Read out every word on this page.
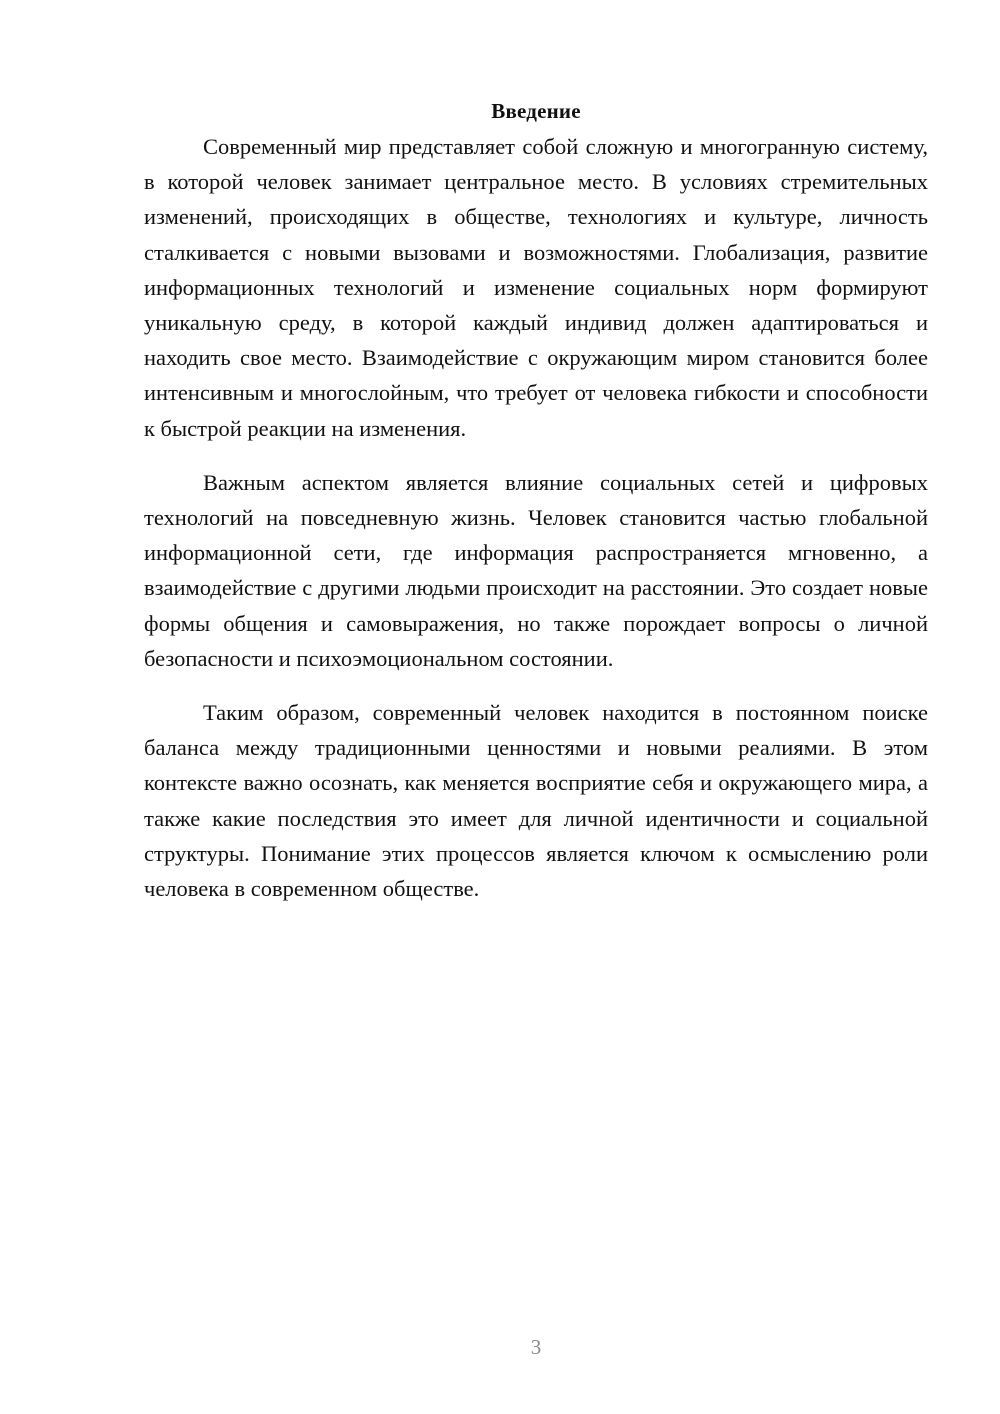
Введение

Современный мир представляет собой сложную и многогранную систему, в которой человек занимает центральное место. В условиях стремительных изменений, происходящих в обществе, технологиях и культуре, личность сталкивается с новыми вызовами и возможностями. Глобализация, развитие информационных технологий и изменение социальных норм формируют уникальную среду, в которой каждый индивид должен адаптироваться и находить свое место. Взаимодействие с окружающим миром становится более интенсивным и многослойным, что требует от человека гибкости и способности к быстрой реакции на изменения.

Важным аспектом является влияние социальных сетей и цифровых технологий на повседневную жизнь. Человек становится частью глобальной информационной сети, где информация распространяется мгновенно, а взаимодействие с другими людьми происходит на расстоянии. Это создает новые формы общения и самовыражения, но также порождает вопросы о личной безопасности и психоэмоциональном состоянии.

Таким образом, современный человек находится в постоянном поиске баланса между традиционными ценностями и новыми реалиями. В этом контексте важно осознать, как меняется восприятие себя и окружающего мира, а также какие последствия это имеет для личной идентичности и социальной структуры. Понимание этих процессов является ключом к осмыслению роли человека в современном обществе.

3
